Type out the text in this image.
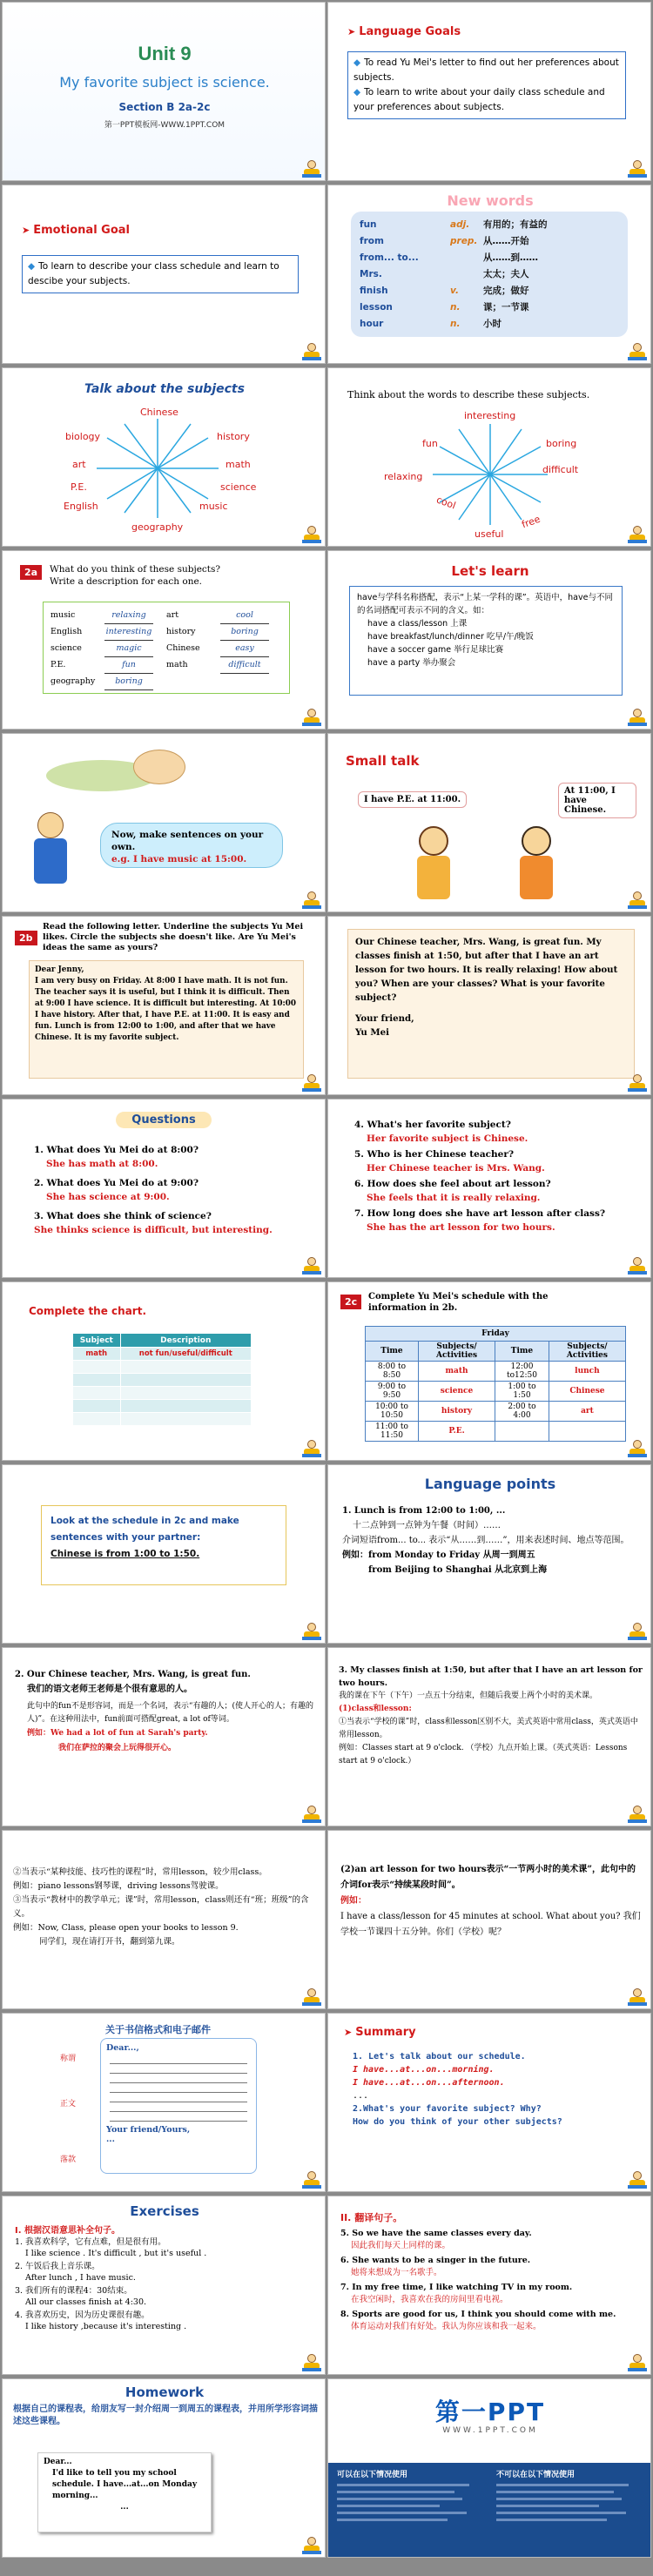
Unit 9
My favorite subject is science.
Section B 2a-2c
第一PPT模板网-WWW.1PPT.COM
➤ Language Goals
◆ To read Yu Mei's letter to find out her preferences about subjects.
◆ To learn to write about your daily class schedule and your preferences about subjects.
➤ Emotional Goal
◆ To learn to describe your class schedule and learn to descibe your subjects.
New words
fun	adj.	有用的；有益的
from	prep. 从……开始
from... to...	从……到……
Mrs.	太太；夫人
finish	v.	完成；做好
lesson	n.	课；一节课
hour	n.	小时
Talk about the subjects
Chinese
history
math
science
music
geography
English
P.E.
art
biology
Think about the words to describe these subjects.
interesting
boring
difficult
free
useful
cool
relaxing
fun
2a	What do you think of these subjects?
Write a description for each one.
music	relaxing
English	interesting
science	magic
P.E.	fun
geography	boring
art	cool
history	boring
Chinese	easy
math	difficult
Let's learn
have与学科名称搭配，表示“上某一学科的课”。英语中，have与不同的名词搭配可表示不同的含义。如：
have a class/lesson 上课
have breakfast/lunch/dinner 吃早/午/晚饭
have a soccer game 举行足球比赛
have a party 举办聚会
Now, make sentences on your own.
e.g. I have music at 15:00.
Small talk
I have P.E. at 11:00.
At 11:00, I have Chinese.
2b
Read the following letter. Underline the subjects Yu Mei likes. Circle the subjects she doesn't like. Are Yu Mei's ideas the same as yours?
Dear Jenny,
I am very busy on Friday. At 8:00 I have math. It is not fun. The teacher says it is useful, but I think it is difficult. Then at 9:00 I have science. It is difficult but interesting. At 10:00 I have history. After that, I have P.E. at 11:00. It is easy and fun. Lunch is from 12:00 to 1:00, and after that we have Chinese. It is my favorite subject.
Our Chinese teacher, Mrs. Wang, is great fun. My classes finish at 1:50, but after that I have an art lesson for two hours. It is really relaxing! How about you? When are your classes? What is your favorite subject?
Your friend,
Yu Mei
Questions
1. What does Yu Mei do at 8:00?
She has math at 8:00.
2. What does Yu Mei do at 9:00?
She has science at 9:00.
3. What does she think of science?
She thinks science is difficult, but interesting.
4. What's her favorite subject?
Her favorite subject is Chinese.
5. Who is her Chinese teacher?
Her Chinese teacher is Mrs. Wang.
6. How does she feel about art lesson?
She feels that it is really relaxing.
7. How long does she have art lesson after class?
She has the art lesson for two hours.
Complete the chart.
Subject	Description
math	not fun/useful/difficult

2c	Complete Yu Mei's schedule with the information in 2b.
Friday			
Time	Subjects/ Activities	Time	Subjects/ Activities
8:00 to 8:50	math	12:00 to12:50	lunch
9:00 to 9:50	science	1:00 to 1:50	Chinese
10:00 to 10:50	history	2:00 to 4:00	art
11:00 to 11:50	P.E.		
Look at the schedule in 2c and make sentences with your partner:
Chinese is from 1:00 to 1:50.
Language points
1. Lunch is from 12:00 to 1:00, ...
十二点钟到一点钟为午餐（时间）……
介词短语from... to... 表示“从……到……”，用来表述时间、地点等范围。
例如：from Monday to Friday 从周一到周五
from Beijing to Shanghai 从北京到上海
2. Our Chinese teacher, Mrs. Wang, is great fun.
我们的语文老师王老师是个很有意思的人。
此句中的fun不是形容词，而是一个名词，表示“有趣的人；(使人开心的人；有趣的人)”。在这种用法中，fun前面可搭配great, a lot of等词。
例如：We had a lot of fun at Sarah's party.
我们在萨拉的聚会上玩得很开心。
3. My classes finish at 1:50, but after that I have an art lesson for two hours.
我的课在下午（下午）一点五十分结束，但随后我要上两个小时的美术课。
(1)class和lesson:
①当表示“学校的课”时，class和lesson区别不大，美式英语中常用class，英式英语中常用lesson。
例如：Classes start at 9 o'clock. （学校）九点开始上课。（英式英语：Lessons start at 9 o'clock.）
②当表示“某种技能、技巧性的课程”时，常用lesson，较少用class。
例如：piano lessons钢琴课，driving lessons驾驶课。
③当表示“教材中的教学单元；课”时，常用lesson，class则还有“班；班级”的含义。
例如：Now, Class, please open your books to lesson 9.
同学们，现在请打开书，翻到第九课。
(2)an art lesson for two hours表示“一节两小时的美术课”，此句中的介词for表示“持续某段时间”。
例如：
I have a class/lesson for 45 minutes at school. What about you? 我们学校一节课四十五分钟。你们（学校）呢？
关于书信格式和电子邮件
Dear...,
Your friend/Yours,
...
称谓
正文
落款
➤ Summary
1. Let's talk about our schedule.
I have...at...on...morning.
I have...at...on...afternoon.
...
2.What's your favorite subject? Why?
How do you think of your other subjects?
Exercises
I. 根据汉语意思补全句子。
1. 我喜欢科学，它有点难，但是很有用。
I like science . It's difficult , but it's useful .
2. 午饭后我上音乐课。
After lunch , I have music.
3. 我们所有的课程4：30结束。
All our classes finish at 4:30.
4. 我喜欢历史，因为历史课很有趣。
I like history ,because it's interesting .
II. 翻译句子。
5. So we have the same classes every day.
因此我们每天上同样的课。
6. She wants to be a singer in the future.
她将来想成为一名歌手。
7. In my free time, I like watching TV in my room.
在我空闲时，我喜欢在我的房间里看电视。
8. Sports are good for us, I think you should come with me.
体育运动对我们有好处。我认为你应该和我一起来。
Homework
根据自己的课程表，给朋友写一封介绍周一到周五的课程表，并用所学形容词描述这些课程。
Dear...
I'd like to tell you my school schedule. I have...at...on Monday morning...
...
第一PPT
WWW.1PPT.COM
可以在以下情况使用	不可以在以下情况使用
